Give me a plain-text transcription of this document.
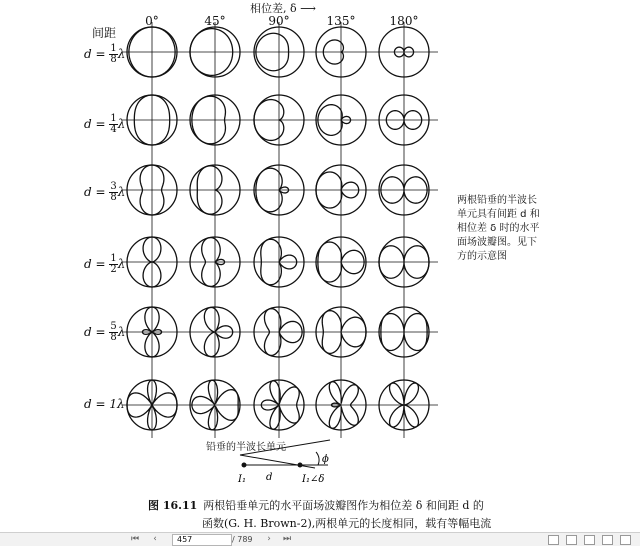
I₁ d	I₁∠δ
ϕ
相位差, δ ⟶
间距
0°	45°	90°	135°	180°
$d = \frac{1}{8}$ λ
$d = \frac{1}{4}$ λ
$d = \frac{3}{8}$ λ
$d = \frac{1}{2}$ λ
$d = \frac{5}{8}$ λ
d = 1λ
两根铅垂的半波长
单元具有间距 d 和
相位差 δ 时的水平
面场波瓣图。见下
方的示意图
铅垂的半波长单元
图 16.11 两根铅垂单元的水平面场波瓣图作为相位差 δ 和间距 d 的
函数(G. H. Brown-2),两根单元的长度相同，载有等幅电流
⏮	‹	457	/ 789	›	⏭
